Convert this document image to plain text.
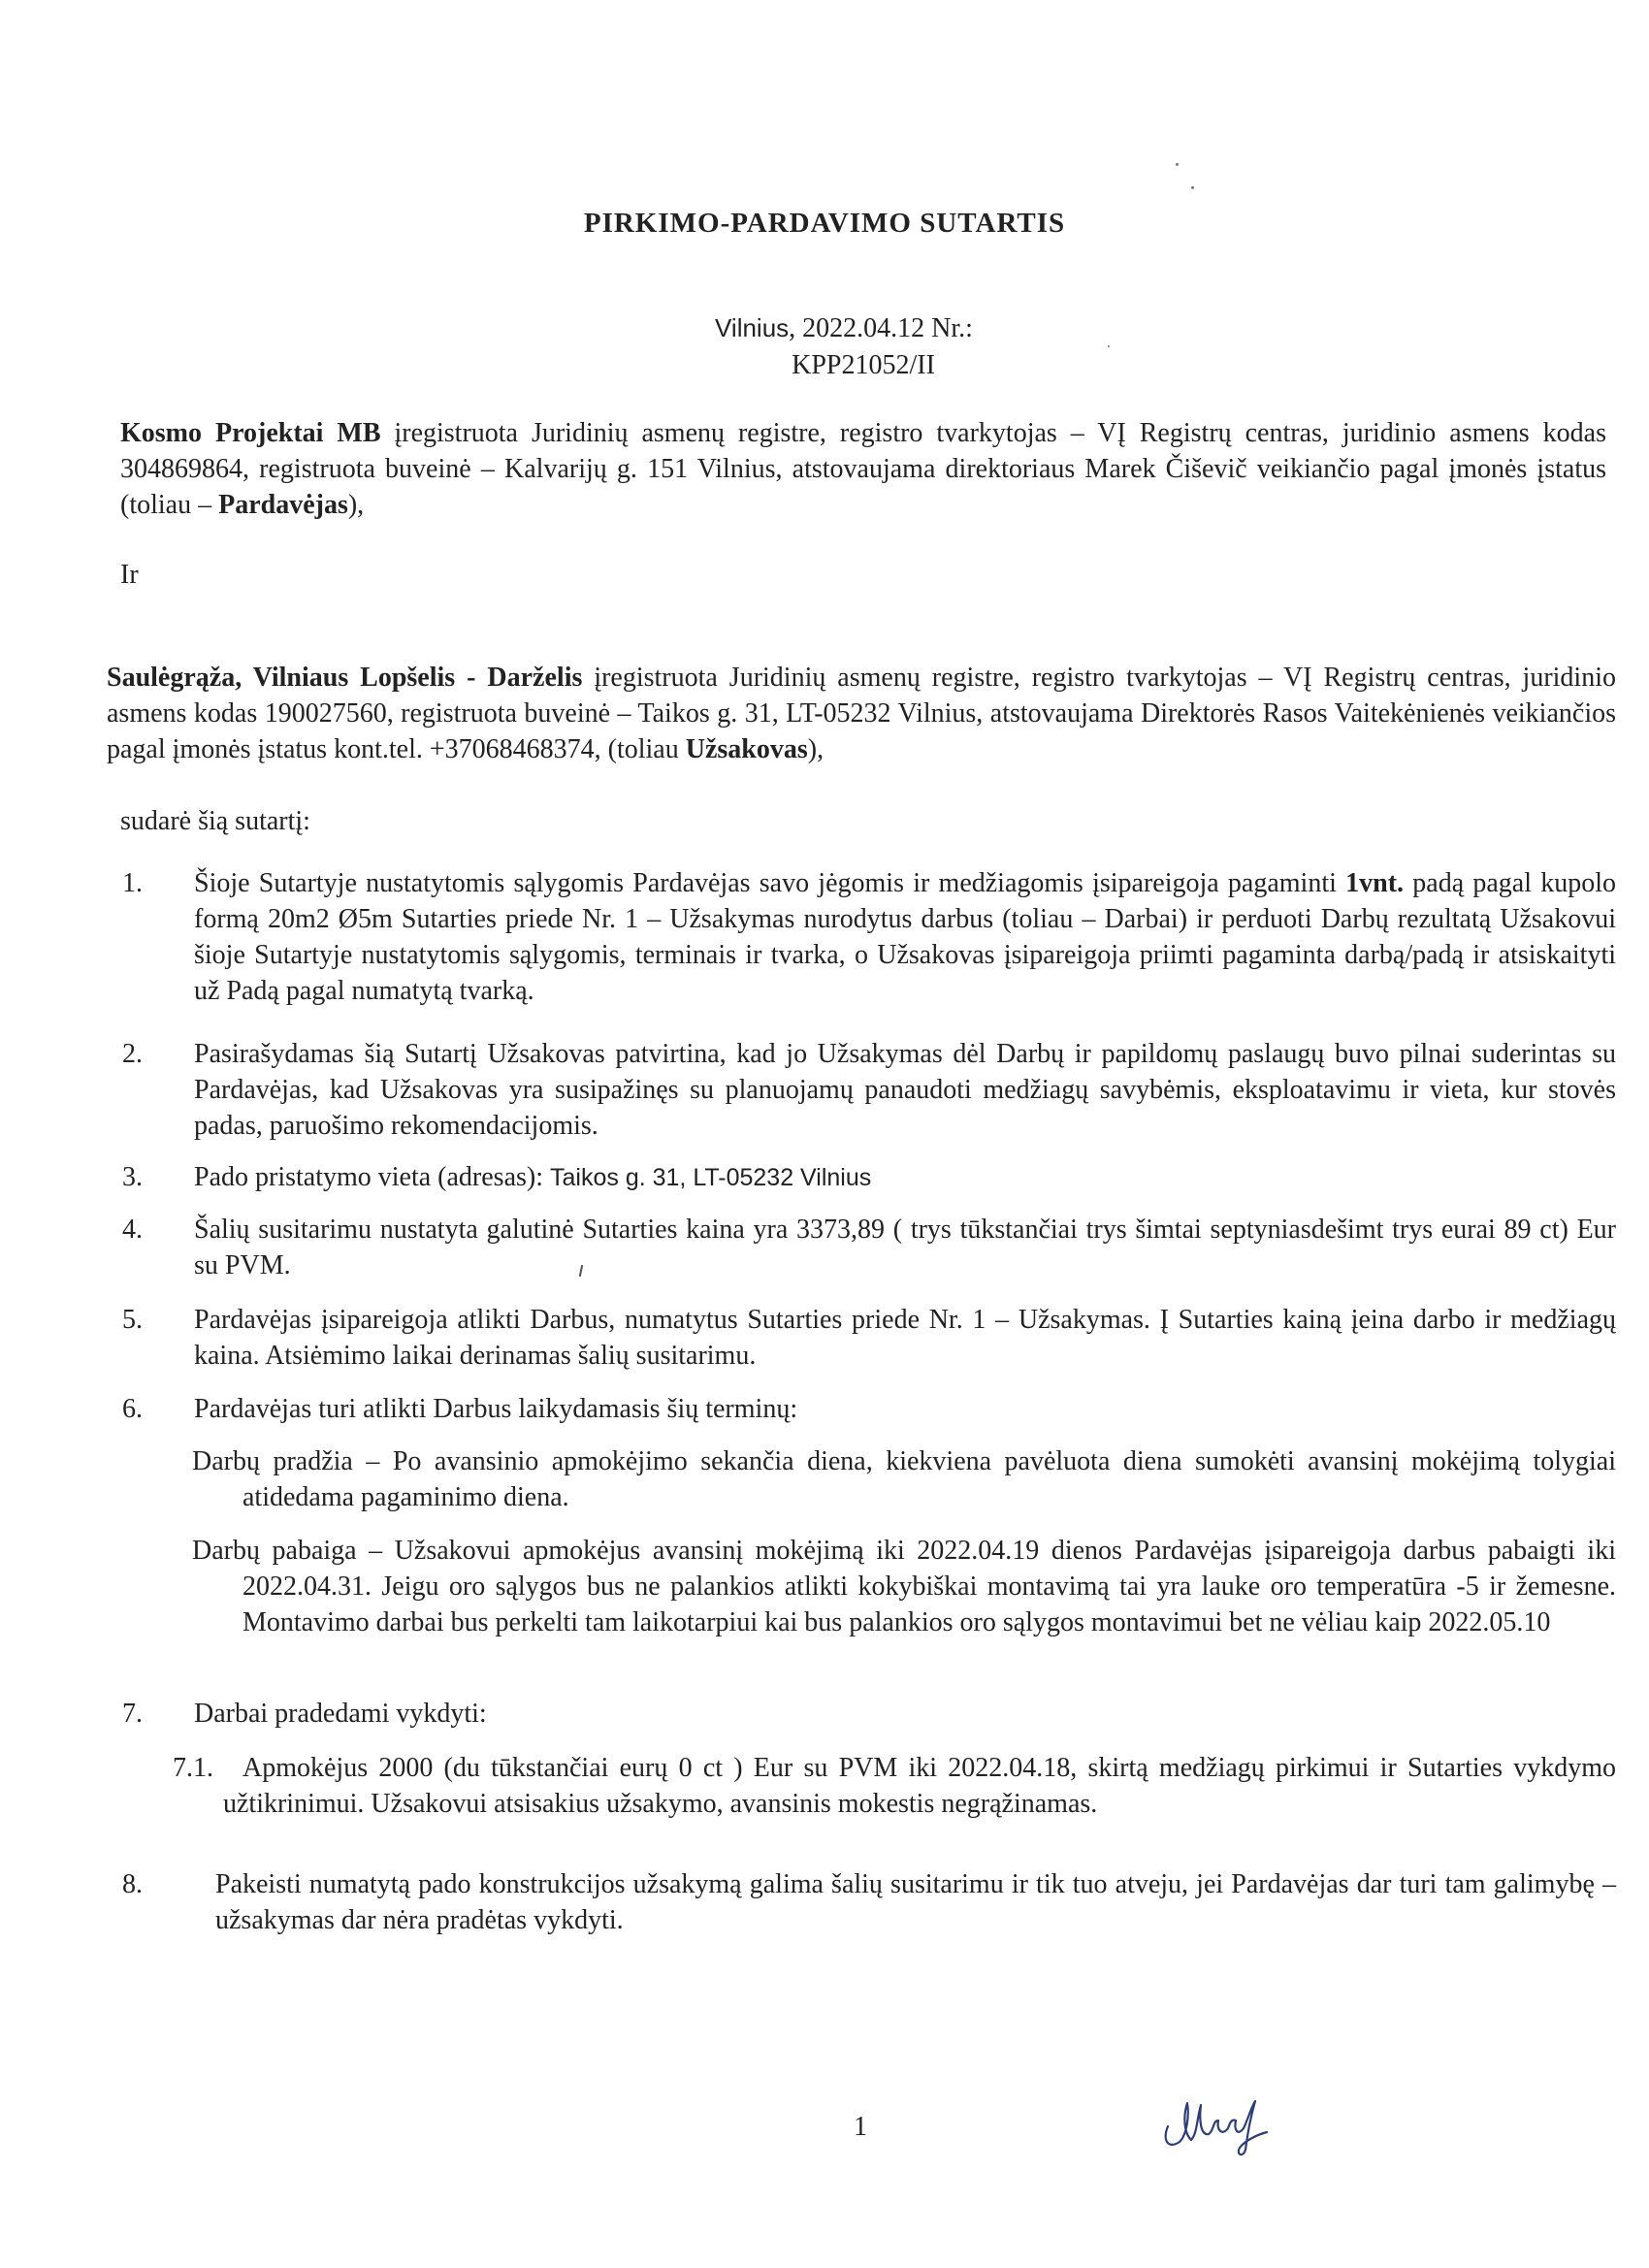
PIRKIMO-PARDAVIMO SUTARTIS
Vilnius, 2022.04.12 Nr.:
KPP21052/II
Kosmo Projektai MB įregistruota Juridinių asmenų registre, registro tvarkytojas – VĮ Registrų centras, juridinio asmens kodas 304869864, registruota buveinė – Kalvarijų g. 151 Vilnius, atstovaujama direktoriaus Marek Čiševič veikiančio pagal įmonės įstatus (toliau – Pardavėjas),
Ir
Saulėgrąža, Vilniaus Lopšelis - Darželis įregistruota Juridinių asmenų registre, registro tvarkytojas – VĮ Registrų centras, juridinio asmens kodas 190027560, registruota buveinė – Taikos g. 31, LT-05232 Vilnius, atstovaujama Direktorės Rasos Vaitekėnienės veikiančios pagal įmonės įstatus kont.tel. +37068468374, (toliau Užsakovas),
sudarė šią sutartį:
1. Šioje Sutartyje nustatytomis sąlygomis Pardavėjas savo jėgomis ir medžiagomis įsipareigoja pagaminti 1vnt. padą pagal kupolo formą 20m2 Ø5m Sutarties priede Nr. 1 – Užsakymas nurodytus darbus (toliau – Darbai) ir perduoti Darbų rezultatą Užsakovui šioje Sutartyje nustatytomis sąlygomis, terminais ir tvarka, o Užsakovas įsipareigoja priimti pagaminta darbą/padą ir atsiskaityti už Padą pagal numatytą tvarką.
2. Pasirašydamas šią Sutartį Užsakovas patvirtina, kad jo Užsakymas dėl Darbų ir papildomų paslaugų buvo pilnai suderintas su Pardavėjas, kad Užsakovas yra susipažinęs su planuojamų panaudoti medžiagų savybėmis, eksploatavimu ir vieta, kur stovės padas, paruošimo rekomendacijomis.
3. Pado pristatymo vieta (adresas): Taikos g. 31, LT-05232 Vilnius
4. Šalių susitarimu nustatyta galutinė Sutarties kaina yra 3373,89 ( trys tūkstančiai trys šimtai septyniasdešimt trys eurai 89 ct) Eur su PVM.
5. Pardavėjas įsipareigoja atlikti Darbus, numatytus Sutarties priede Nr. 1 – Užsakymas. Į Sutarties kainą įeina darbo ir medžiagų kaina. Atsiėmimo laikai derinamas šalių susitarimu.
6. Pardavėjas turi atlikti Darbus laikydamasis šių terminų:
Darbų pradžia – Po avansinio apmokėjimo sekančia diena, kiekviena pavėluota diena sumokėti avansinį mokėjimą tolygiai atidedama pagaminimo diena.
Darbų pabaiga – Užsakovui apmokėjus avansinį mokėjimą iki 2022.04.19 dienos Pardavėjas įsipareigoja darbus pabaigti iki 2022.04.31. Jeigu oro sąlygos bus ne palankios atlikti kokybiškai montavimą tai yra lauke oro temperatūra -5 ir žemesne. Montavimo darbai bus perkelti tam laikotarpiui kai bus palankios oro sąlygos montavimui bet ne vėliau kaip 2022.05.10
7. Darbai pradedami vykdyti:
7.1.	Apmokėjus 2000 (du tūkstančiai eurų 0 ct ) Eur su PVM iki 2022.04.18, skirtą medžiagų pirkimui ir Sutarties vykdymo užtikrinimui. Užsakovui atsisakius užsakymo, avansinis mokestis negrąžinamas.
8.	Pakeisti numatytą pado konstrukcijos užsakymą galima šalių susitarimu ir tik tuo atveju, jei Pardavėjas dar turi tam galimybę – užsakymas dar nėra pradėtas vykdyti.
1
